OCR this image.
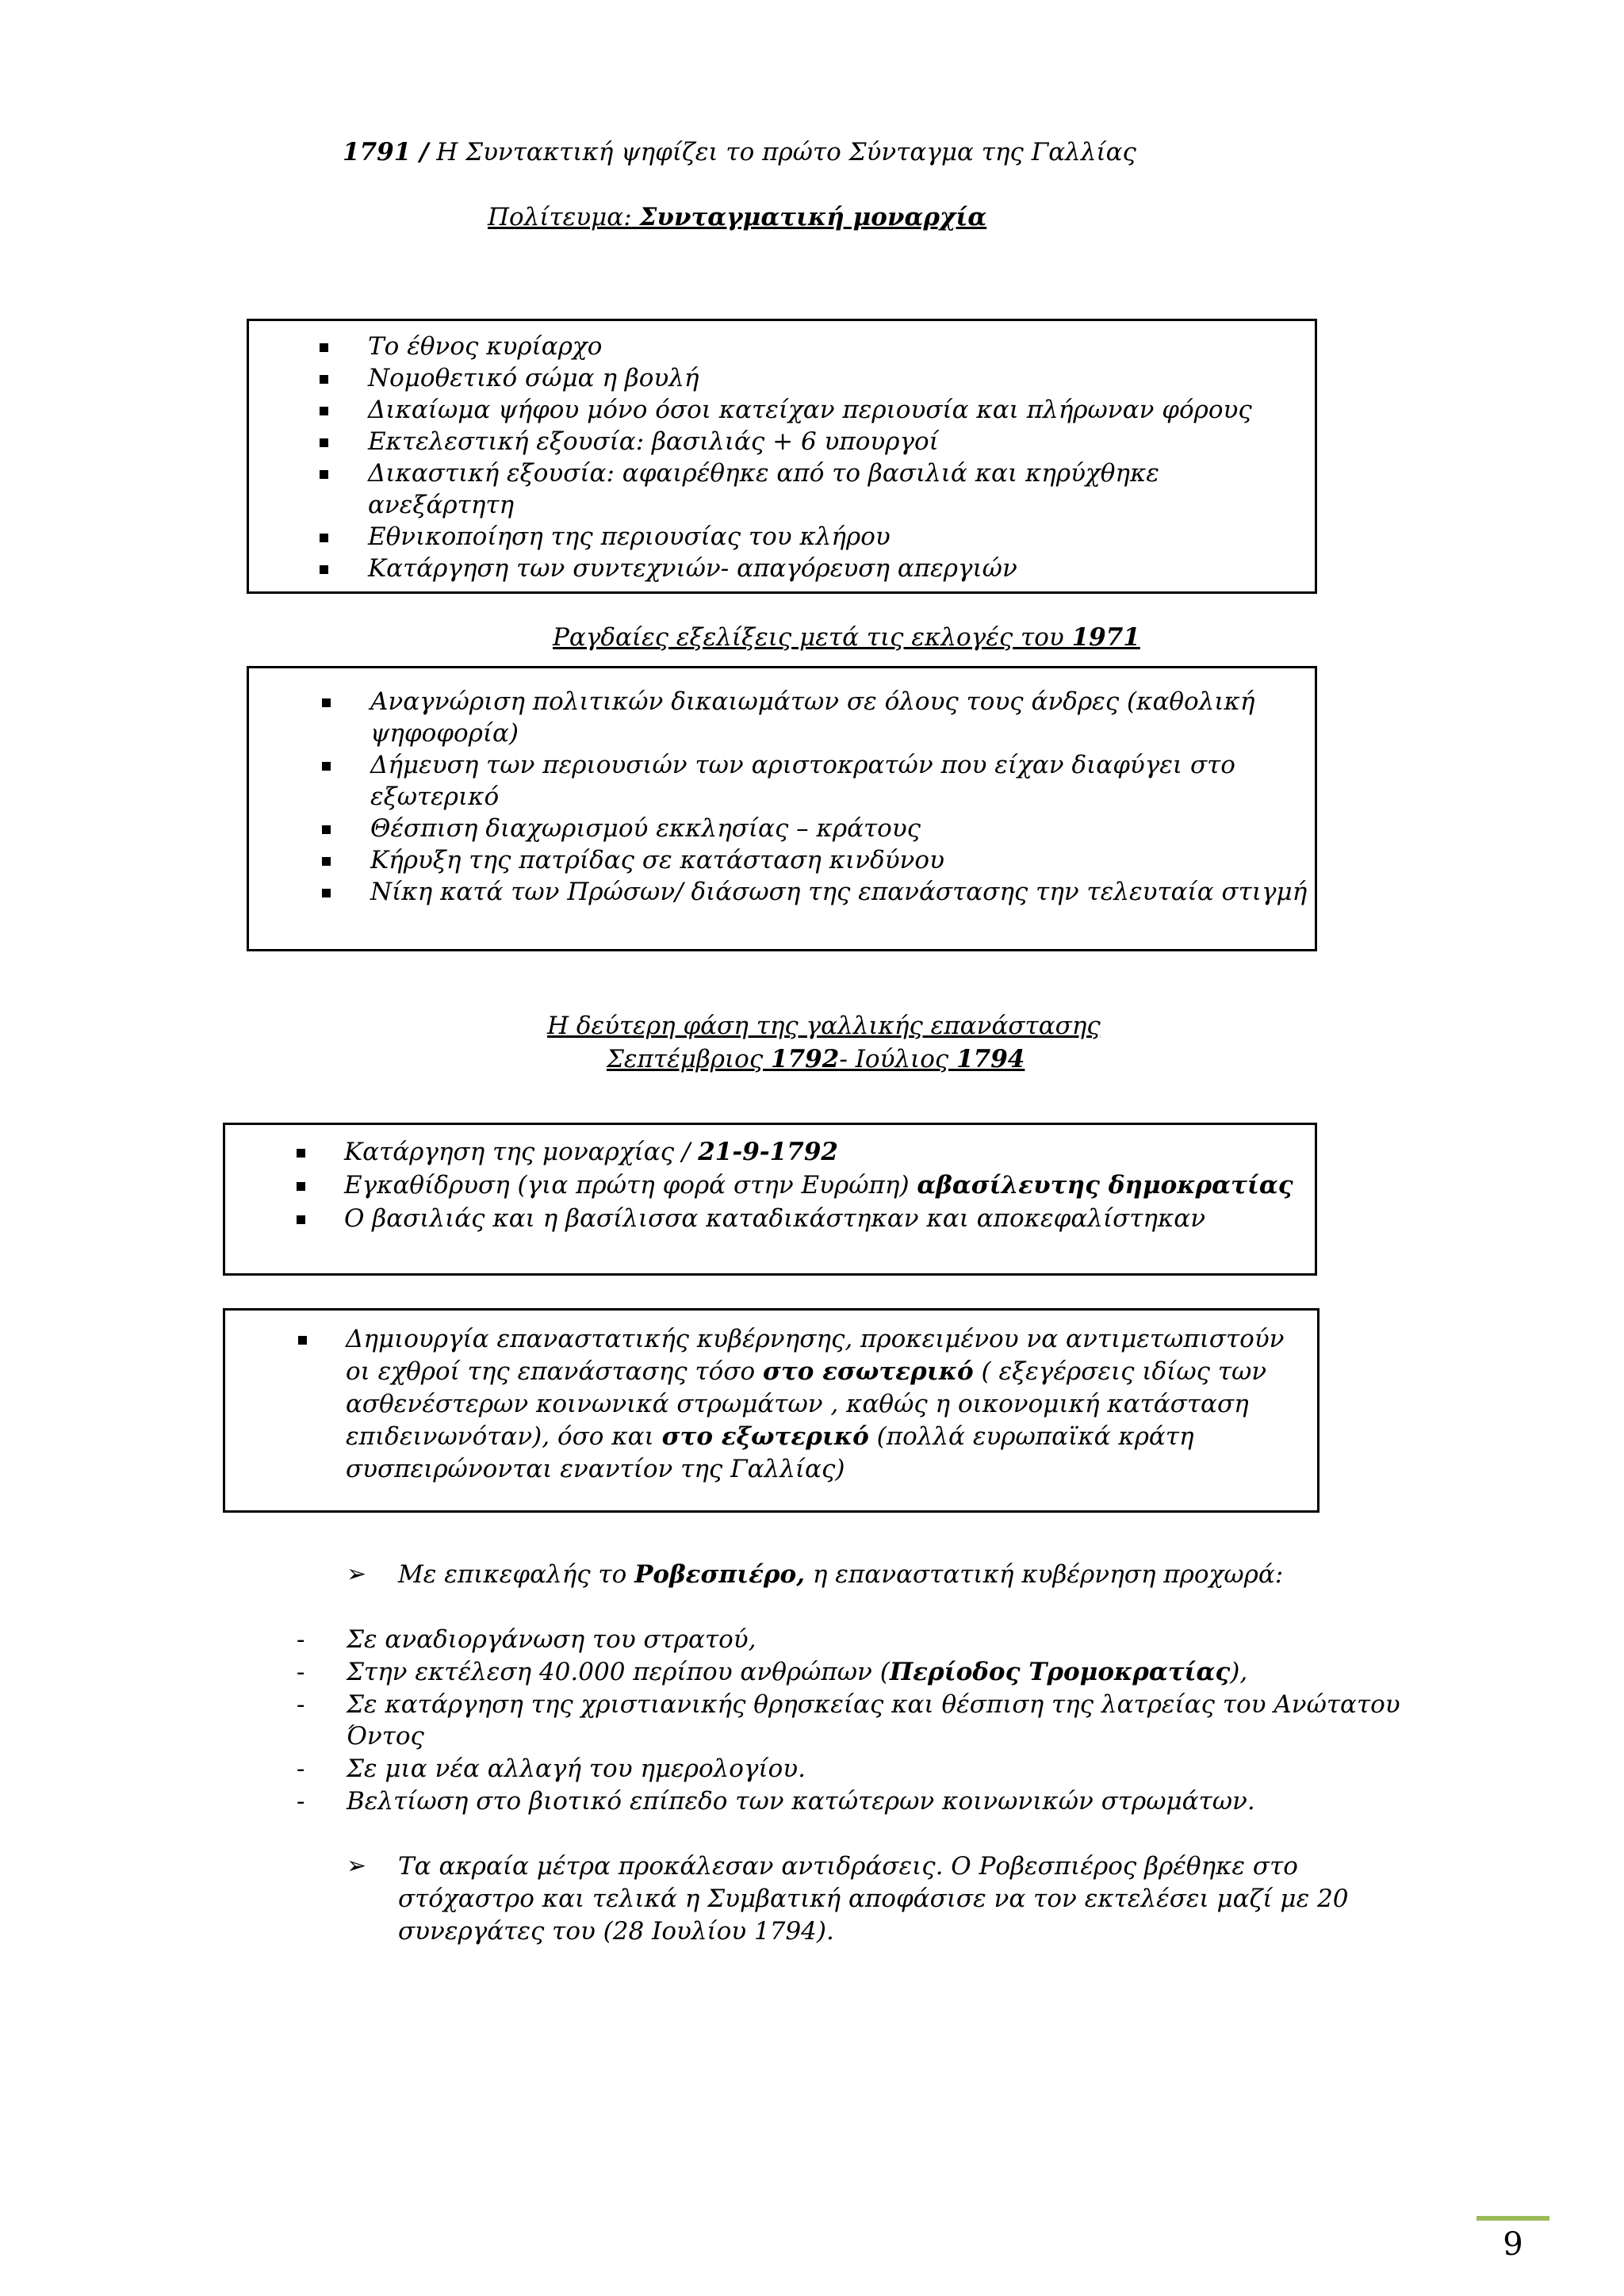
1791 / Η Συντακτική ψηφίζει το πρώτο Σύνταγμα της Γαλλίας
Πολίτευμα: Συνταγματική μοναρχία
Το έθνος κυρίαρχο
Νομοθετικό σώμα η βουλή
Δικαίωμα ψήφου μόνο όσοι κατείχαν περιουσία και πλήρωναν φόρους
Εκτελεστική εξουσία: βασιλιάς + 6 υπουργοί
Δικαστική εξουσία: αφαιρέθηκε από το βασιλιά και κηρύχθηκε
ανεξάρτητη
Εθνικοποίηση της περιουσίας του κλήρου
Κατάργηση των συντεχνιών- απαγόρευση απεργιών
Ραγδαίες εξελίξεις μετά τις εκλογές του 1971
Αναγνώριση πολιτικών δικαιωμάτων σε όλους τους άνδρες (καθολική
ψηφοφορία)
Δήμευση των περιουσιών των αριστοκρατών που είχαν διαφύγει στο
εξωτερικό
Θέσπιση διαχωρισμού εκκλησίας – κράτους
Κήρυξη της πατρίδας σε κατάσταση κινδύνου
Νίκη κατά των Πρώσων/ διάσωση της επανάστασης την τελευταία στιγμή
Η δεύτερη φάση της γαλλικής επανάστασης
Σεπτέμβριος 1792- Ιούλιος 1794
Κατάργηση της μοναρχίας / 21-9-1792
Εγκαθίδρυση (για πρώτη φορά στην Ευρώπη) αβασίλευτης δημοκρατίας
Ο βασιλιάς και η βασίλισσα καταδικάστηκαν και αποκεφαλίστηκαν
Δημιουργία επαναστατικής κυβέρνησης, προκειμένου να αντιμετωπιστούν
οι εχθροί της επανάστασης τόσο στο εσωτερικό ( εξεγέρσεις ιδίως των
ασθενέστερων κοινωνικά στρωμάτων , καθώς η οικονομική κατάσταση
επιδεινωνόταν), όσο και στο εξωτερικό (πολλά ευρωπαϊκά κράτη
συσπειρώνονται εναντίον της Γαλλίας)
➢ Με επικεφαλής το Ροβεσπιέρο, η επαναστατική κυβέρνηση προχωρά:
- Σε αναδιοργάνωση του στρατού,
- Στην εκτέλεση 40.000 περίπου ανθρώπων (Περίοδος Τρομοκρατίας),
- Σε κατάργηση της χριστιανικής θρησκείας και θέσπιση της λατρείας του Ανώτατου
Όντος
- Σε μια νέα αλλαγή του ημερολογίου.
- Βελτίωση στο βιοτικό επίπεδο των κατώτερων κοινωνικών στρωμάτων.
➢ Τα ακραία μέτρα προκάλεσαν αντιδράσεις. Ο Ροβεσπιέρος βρέθηκε στο
στόχαστρο και τελικά η Συμβατική αποφάσισε να τον εκτελέσει μαζί με 20
συνεργάτες του (28 Ιουλίου 1794).
9
